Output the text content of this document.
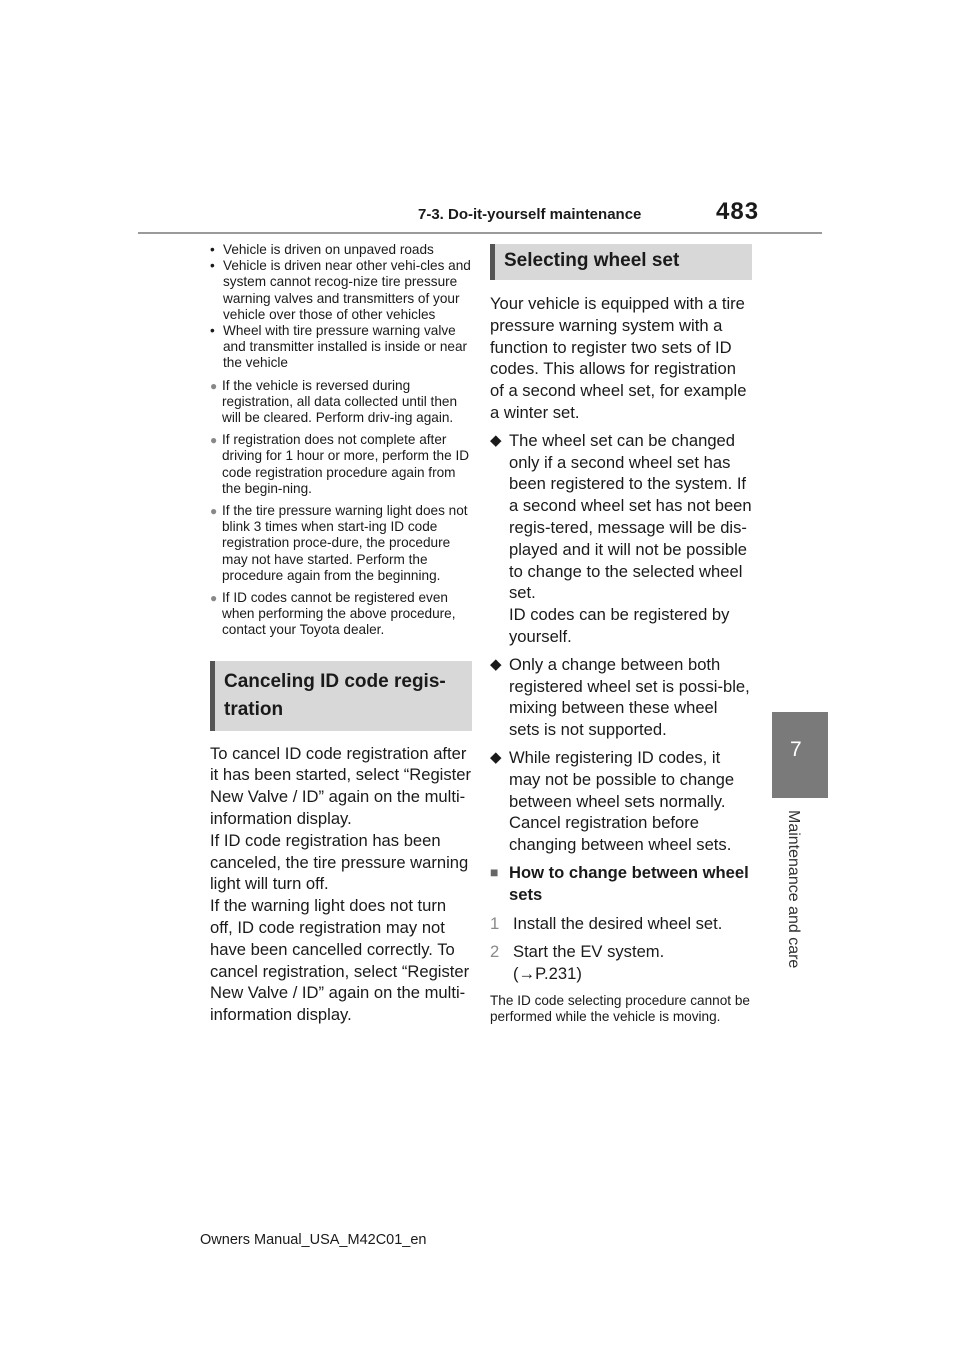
7-3. Do-it-yourself maintenance	483
7
Maintenance and care
• Vehicle is driven on unpaved roads
• Vehicle is driven near other vehi-cles and system cannot recog-nize tire pressure warning valves and transmitters of your vehicle over those of other vehicles
• Wheel with tire pressure warning valve and transmitter installed is inside or near the vehicle
● If the vehicle is reversed during registration, all data collected until then will be cleared. Perform driv-ing again.
● If registration does not complete after driving for 1 hour or more, perform the ID code registration procedure again from the begin-ning.
● If the tire pressure warning light does not blink 3 times when start-ing ID code registration proce-dure, the procedure may not have started. Perform the procedure again from the beginning.
● If ID codes cannot be registered even when performing the above procedure, contact your Toyota dealer.
Canceling ID code regis-tration

To cancel ID code registration after it has been started, select “Register New Valve / ID” again on the multi-information display.

If ID code registration has been canceled, the tire pressure warning light will turn off.

If the warning light does not turn off, ID code registration may not have been cancelled correctly. To cancel registration, select “Register New Valve / ID” again on the multi-information display.

Selecting wheel set

Your vehicle is equipped with a tire pressure warning system with a function to register two sets of ID codes. This allows for registration of a second wheel set, for example a winter set.

◆ The wheel set can be changed only if a second wheel set has been registered to the system. If a second wheel set has not been regis-tered, message will be dis-played and it will not be possible to change to the selected wheel set.
ID codes can be registered by yourself.
◆ Only a change between both registered wheel set is possi-ble, mixing between these wheel sets is not supported.
◆ While registering ID codes, it may not be possible to change between wheel sets normally. Cancel registration before changing between wheel sets.
■ How to change between wheel sets
1 Install the desired wheel set.
2 Start the EV system.
(→P.231)
The ID code selecting procedure cannot be performed while the vehicle is moving.
Owners Manual_USA_M42C01_en
